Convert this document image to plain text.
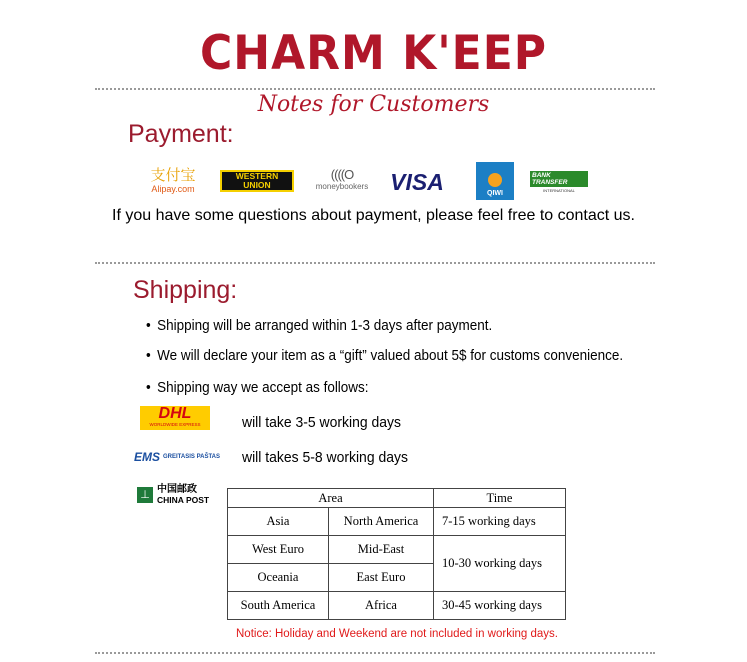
CHARM K'EEP
Notes for Customers
Payment:
支付宝
Alipay.com
WESTERN
UNION
((((O
moneybookers VISA	QIWI
BANK TRANSFER
INTERNATIONAL
If you have some questions about payment, please feel free to contact us.
Shipping:
• Shipping will be arranged within 1-3 days after payment.
• We will declare your item as a “gift” valued about 5$ for customs convenience.
• Shipping way we accept as follows:
DHL
WORLDWIDE EXPRESS	will take 3-5 working days
EMS GREITASIS PAŠTAS will takes 5-8 working days
⊥ 中国邮政
CHINA POST	Area		Time
Asia	North America	7-15 working days
West Euro	Mid-East	10-30 working days
Oceania	East Euro	
South America	Africa	30-45 working days
Notice: Holiday and Weekend are not included in working days.
